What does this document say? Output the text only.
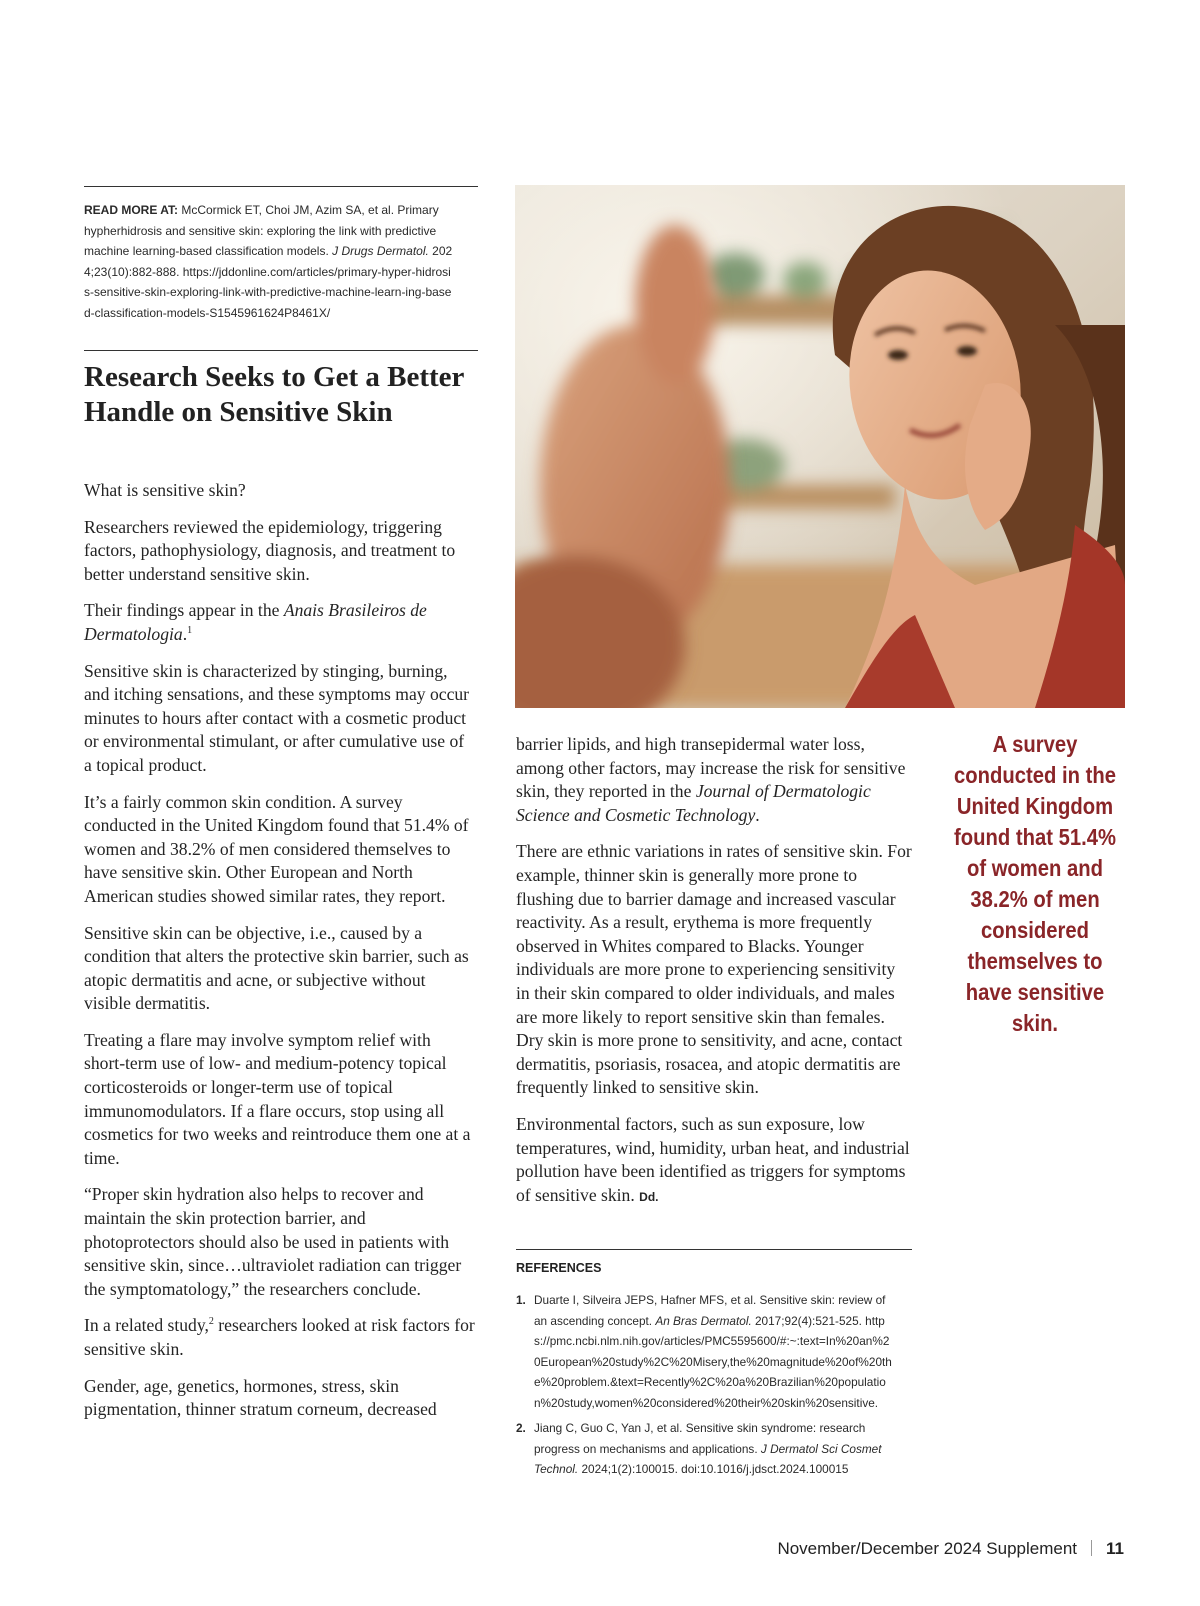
READ MORE AT: McCormick ET, Choi JM, Azim SA, et al. Primary hypherhidrosis and sensitive skin: exploring the link with predictive machine learning-based classification models. J Drugs Dermatol. 2024;23(10):882-888. https://jddonline.com/articles/primary-hyper-hidrosis-sensitive-skin-exploring-link-with-predictive-machine-learn-ing-based-classification-models-S1545961624P8461X/
Research Seeks to Get a Better Handle on Sensitive Skin

What is sensitive skin?

Researchers reviewed the epidemiology, triggering factors, pathophysiology, diagnosis, and treatment to better understand sensitive skin.

Their findings appear in the Anais Brasileiros de Dermatologia.$^1$

Sensitive skin is characterized by stinging, burning, and itching sensations, and these symptoms may occur minutes to hours after contact with a cosmetic product or environmental stimulant, or after cumulative use of a topical product.

It’s a fairly common skin condition. A survey conducted in the United Kingdom found that 51.4% of women and 38.2% of men considered themselves to have sensitive skin. Other European and North American studies showed similar rates, they report.

Sensitive skin can be objective, i.e., caused by a condition that alters the protective skin barrier, such as atopic dermatitis and acne, or subjective without visible dermatitis.

Treating a flare may involve symptom relief with short-term use of low- and medium-potency topical corticosteroids or longer-term use of topical immunomodulators. If a flare occurs, stop using all cosmetics for two weeks and reintroduce them one at a time.

“Proper skin hydration also helps to recover and maintain the skin protection barrier, and photoprotectors should also be used in patients with sensitive skin, since…ultraviolet radiation can trigger the symptomatology,” the researchers conclude.

In a related study,$^2$ researchers looked at risk factors for sensitive skin.

Gender, age, genetics, hormones, stress, skin pigmentation, thinner stratum corneum, decreased

A survey conducted in the United Kingdom found that 51.4% of women and 38.2% of men considered themselves to have sensitive skin.

barrier lipids, and high transepidermal water loss, among other factors, may increase the risk for sensitive skin, they reported in the Journal of Dermatologic Science and Cosmetic Technology.

There are ethnic variations in rates of sensitive skin. For example, thinner skin is generally more prone to flushing due to barrier damage and increased vascular reactivity. As a result, erythema is more frequently observed in Whites compared to Blacks. Younger individuals are more prone to experiencing sensitivity in their skin compared to older individuals, and males are more likely to report sensitive skin than females. Dry skin is more prone to sensitivity, and acne, contact dermatitis, psoriasis, rosacea, and atopic dermatitis are frequently linked to sensitive skin.

Environmental factors, such as sun exposure, low temperatures, wind, humidity, urban heat, and industrial pollution have been identified as triggers for symptoms of sensitive skin. Dd.

REFERENCES
1. Duarte I, Silveira JEPS, Hafner MFS, et al. Sensitive skin: review of an ascending concept. An Bras Dermatol. 2017;92(4):521-525. https://pmc.ncbi.nlm.nih.gov/articles/PMC5595600/#:~:text=In%20an%20European%20study%2C%20Misery,the%20magnitude%20of%20the%20problem.&text=Recently%2C%20a%20Brazilian%20population%20study,women%20considered%20their%20skin%20sensitive.
2. Jiang C, Guo C, Yan J, et al. Sensitive skin syndrome: research progress on mechanisms and applications. J Dermatol Sci Cosmet Technol. 2024;1(2):100015. doi:10.1016/j.jdsct.2024.100015
November/December 2024 Supplement 11
